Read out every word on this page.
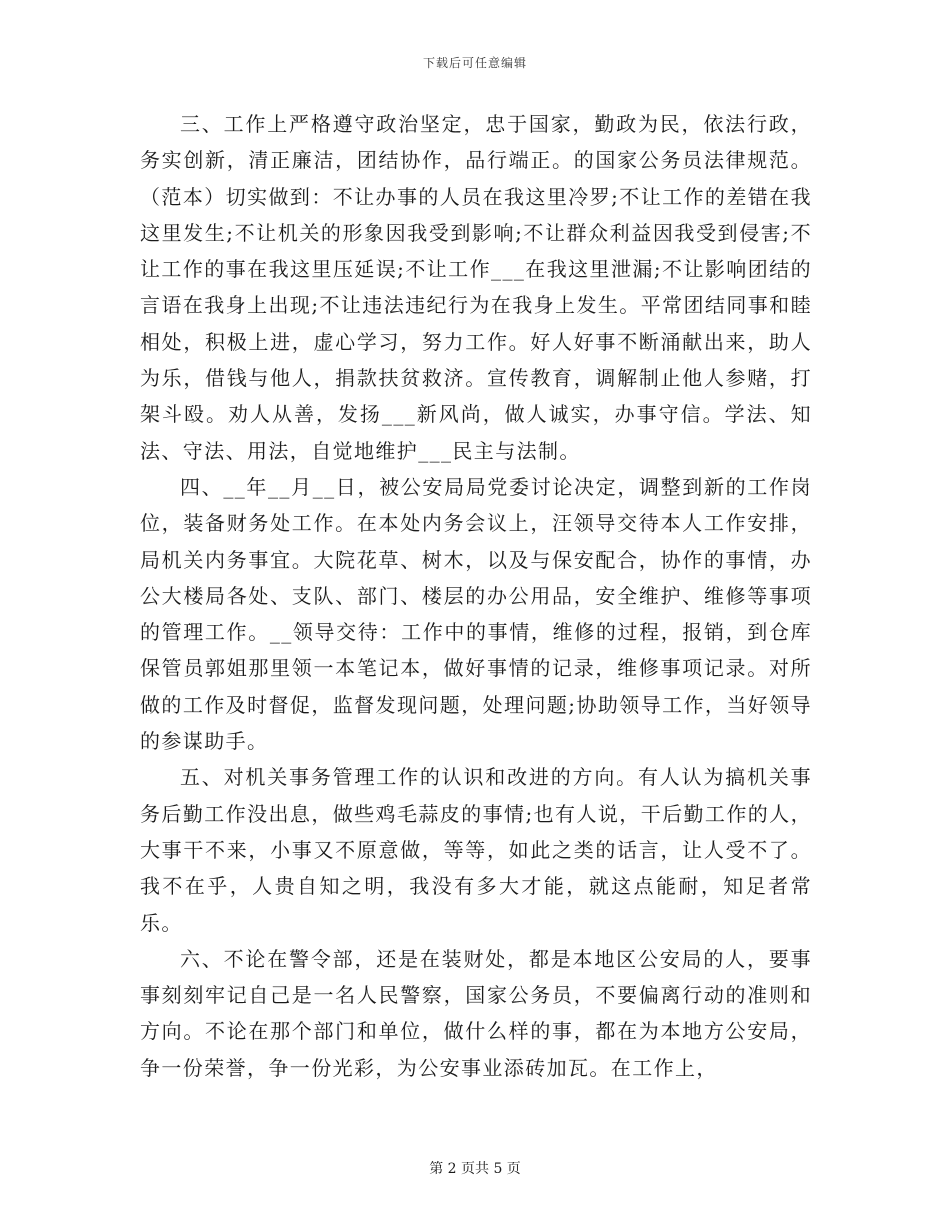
下载后可任意编辑

三、工作上严格遵守政治坚定，忠于国家，勤政为民，依法行政，务实创新，清正廉洁，团结协作，品行端正。的国家公务员法律规范。（范本）切实做到：不让办事的人员在我这里冷罗;不让工作的差错在我这里发生;不让机关的形象因我受到影响;不让群众利益因我受到侵害;不让工作的事在我这里压延误;不让工作___在我这里泄漏;不让影响团结的言语在我身上出现;不让违法违纪行为在我身上发生。平常团结同事和睦相处，积极上进，虚心学习，努力工作。好人好事不断涌献出来，助人为乐，借钱与他人，捐款扶贫救济。宣传教育，调解制止他人参赌，打架斗殴。劝人从善，发扬___新风尚，做人诚实，办事守信。学法、知法、守法、用法，自觉地维护___民主与法制。

四、__年__月__日，被公安局局党委讨论决定，调整到新的工作岗位，装备财务处工作。在本处内务会议上，汪领导交待本人工作安排，局机关内务事宜。大院花草、树木，以及与保安配合，协作的事情，办公大楼局各处、支队、部门、楼层的办公用品，安全维护、维修等事项的管理工作。__领导交待：工作中的事情，维修的过程，报销，到仓库保管员郭姐那里领一本笔记本，做好事情的记录，维修事项记录。对所做的工作及时督促，监督发现问题，处理问题;协助领导工作，当好领导的参谋助手。

五、对机关事务管理工作的认识和改进的方向。有人认为搞机关事务后勤工作没出息，做些鸡毛蒜皮的事情;也有人说，干后勤工作的人，大事干不来，小事又不原意做，等等，如此之类的话言，让人受不了。我不在乎，人贵自知之明，我没有多大才能，就这点能耐，知足者常乐。

六、不论在警令部，还是在装财处，都是本地区公安局的人，要事事刻刻牢记自己是一名人民警察，国家公务员，不要偏离行动的准则和方向。不论在那个部门和单位，做什么样的事，都在为本地方公安局，争一份荣誉，争一份光彩，为公安事业添砖加瓦。在工作上，

第 2 页共 5 页
